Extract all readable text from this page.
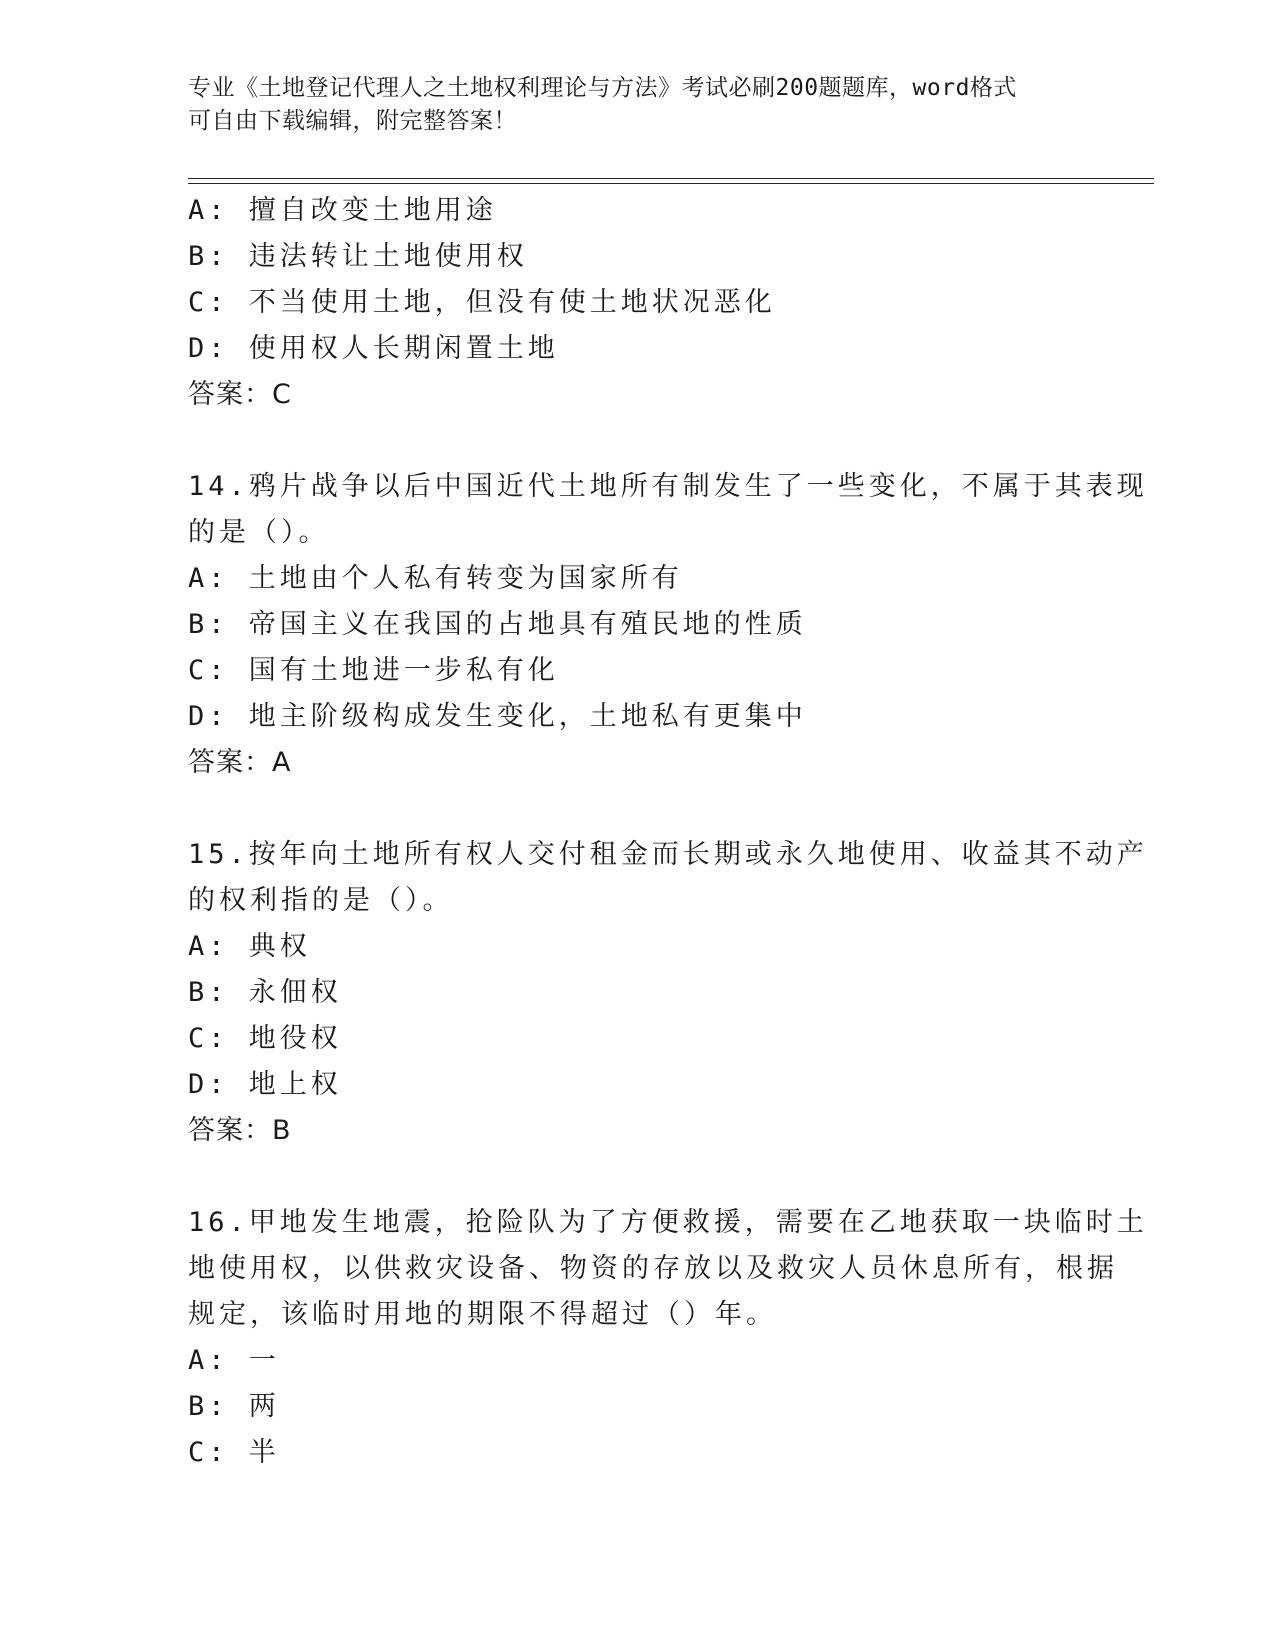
专业《土地登记代理人之土地权利理论与方法》考试必刷200题题库，word格式
可自由下载编辑，附完整答案！
A: 擅自改变土地用途
B: 违法转让土地使用权
C: 不当使用土地，但没有使土地状况恶化
D: 使用权人长期闲置土地
答案：C
14.鸦片战争以后中国近代土地所有制发生了一些变化，不属于其表现
的是（）。
A: 土地由个人私有转变为国家所有
B: 帝国主义在我国的占地具有殖民地的性质
C: 国有土地进一步私有化
D: 地主阶级构成发生变化，土地私有更集中
答案：A
15.按年向土地所有权人交付租金而长期或永久地使用、收益其不动产
的权利指的是（）。
A: 典权
B: 永佃权
C: 地役权
D: 地上权
答案：B
16.甲地发生地震，抢险队为了方便救援，需要在乙地获取一块临时土
地使用权，以供救灾设备、物资的存放以及救灾人员休息所有，根据
规定，该临时用地的期限不得超过（）年。
A: 一
B: 两
C: 半
